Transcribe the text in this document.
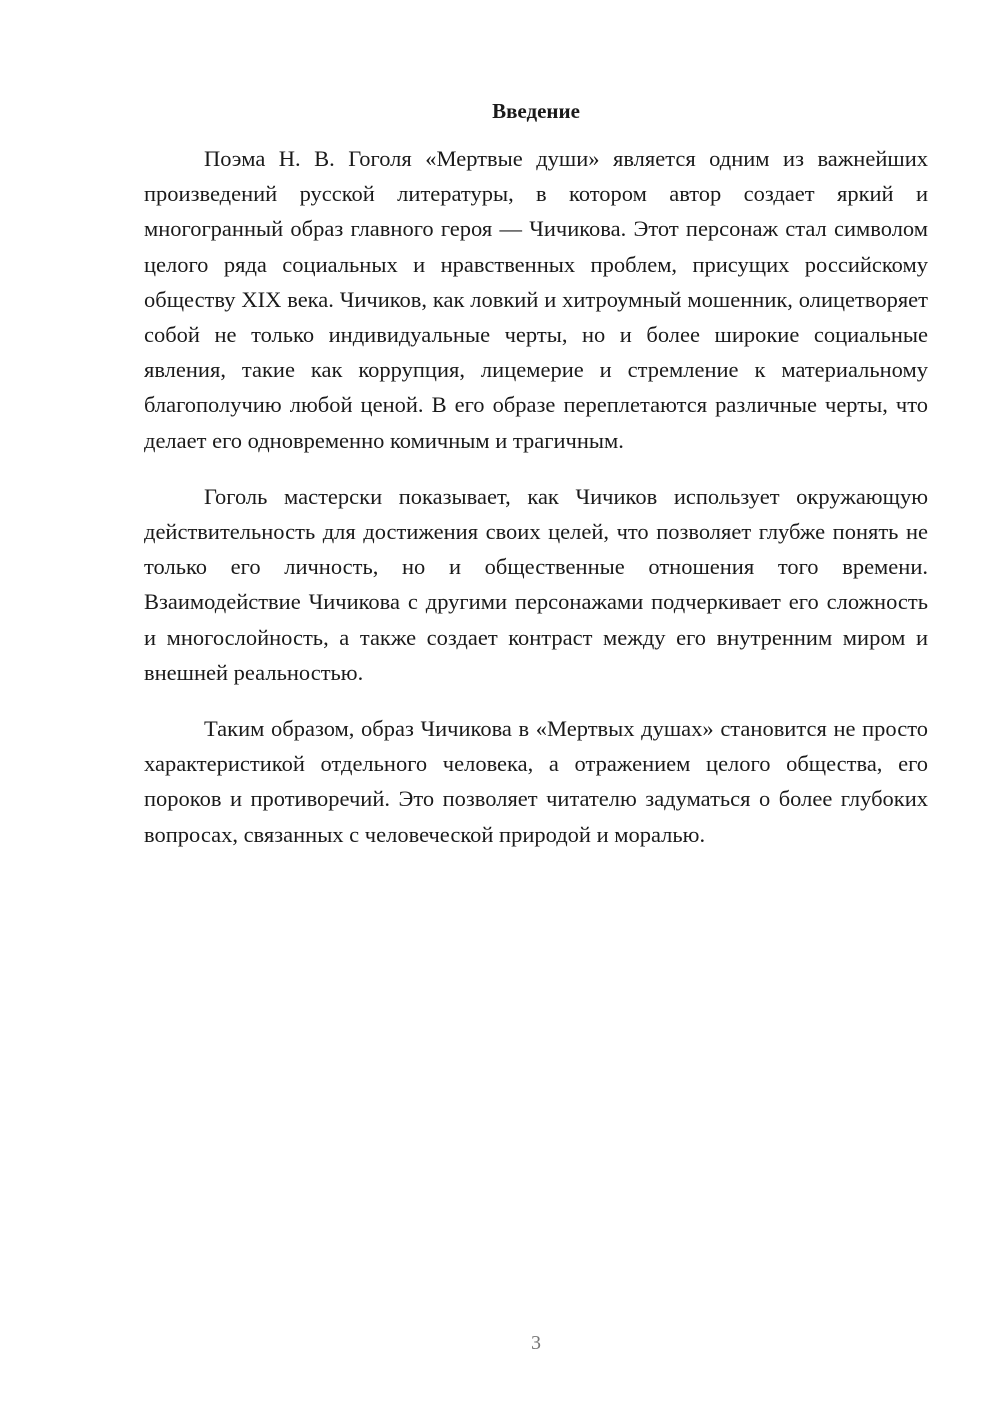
Введение

Поэма Н. В. Гоголя «Мертвые души» является одним из важнейших произведений русской литературы, в котором автор создает яркий и многогранный образ главного героя — Чичикова. Этот персонаж стал символом целого ряда социальных и нравственных проблем, присущих российскому обществу XIX века. Чичиков, как ловкий и хитроумный мошенник, олицетворяет собой не только индивидуальные черты, но и более широкие социальные явления, такие как коррупция, лицемерие и стремление к материальному благополучию любой ценой. В его образе переплетаются различные черты, что делает его одновременно комичным и трагичным.

Гоголь мастерски показывает, как Чичиков использует окружающую действительность для достижения своих целей, что позволяет глубже понять не только его личность, но и общественные отношения того времени. Взаимодействие Чичикова с другими персонажами подчеркивает его сложность и многослойность, а также создает контраст между его внутренним миром и внешней реальностью.

Таким образом, образ Чичикова в «Мертвых душах» становится не просто характеристикой отдельного человека, а отражением целого общества, его пороков и противоречий. Это позволяет читателю задуматься о более глубоких вопросах, связанных с человеческой природой и моралью.

3
